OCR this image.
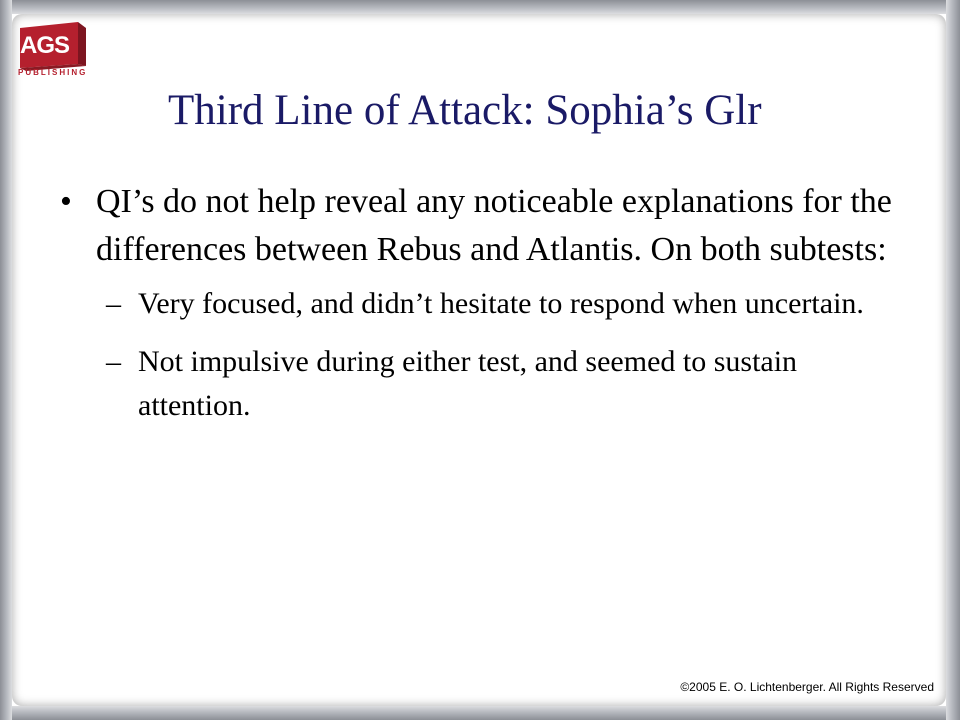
AGS
PUBLISHING
Third Line of Attack: Sophia’s Glr

• QI’s do not help reveal any noticeable explanations for the differences between Rebus and Atlantis. On both subtests:

– Very focused, and didn’t hesitate to respond when uncertain.
– Not impulsive during either test, and seemed to sustain attention.
©2005 E. O. Lichtenberger. All Rights Reserved
